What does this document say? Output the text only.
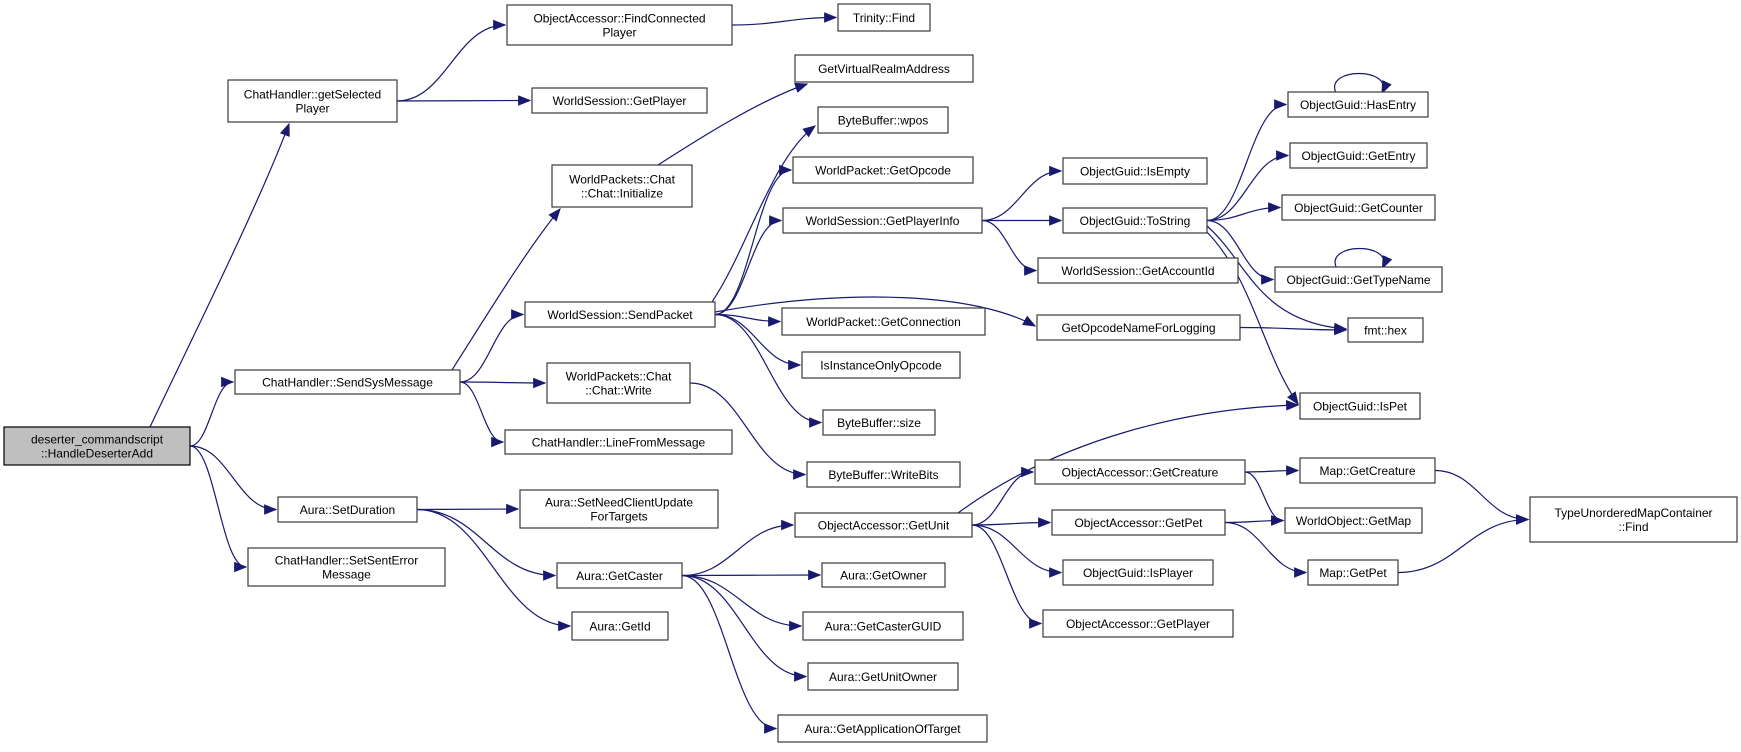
deserter_commandscript
::HandleDeserterAdd
ChatHandler::getSelected
Player
ObjectAccessor::FindConnected
Player
Trinity::Find
WorldSession::GetPlayer
WorldPackets::Chat
::Chat::Initialize
GetVirtualRealmAddress
ByteBuffer::wpos
WorldPacket::GetOpcode
WorldSession::GetPlayerInfo
ObjectGuid::IsEmpty
ObjectGuid::ToString
WorldSession::GetAccountId
ObjectGuid::HasEntry
ObjectGuid::GetEntry
ObjectGuid::GetCounter
ObjectGuid::GetTypeName
fmt::hex
WorldSession::SendPacket	WorldPacket::GetConnection	GetOpcodeNameForLogging
IsInstanceOnlyOpcode
ChatHandler::SendSysMessage	WorldPackets::Chat
::Chat::Write
ByteBuffer::size
ObjectGuid::IsPet
ChatHandler::LineFromMessage
ByteBuffer::WriteBits	ObjectAccessor::GetCreature	Map::GetCreature
Aura::SetDuration
Aura::SetNeedClientUpdate
ForTargets
ObjectAccessor::GetUnit	ObjectAccessor::GetPet	WorldObject::GetMap
TypeUnorderedMapContainer
::Find
ChatHandler::SetSentError
Message	Aura::GetCaster	Aura::GetOwner	ObjectGuid::IsPlayer	Map::GetPet
Aura::GetId	Aura::GetCasterGUID	ObjectAccessor::GetPlayer
Aura::GetUnitOwner
Aura::GetApplicationOfTarget
